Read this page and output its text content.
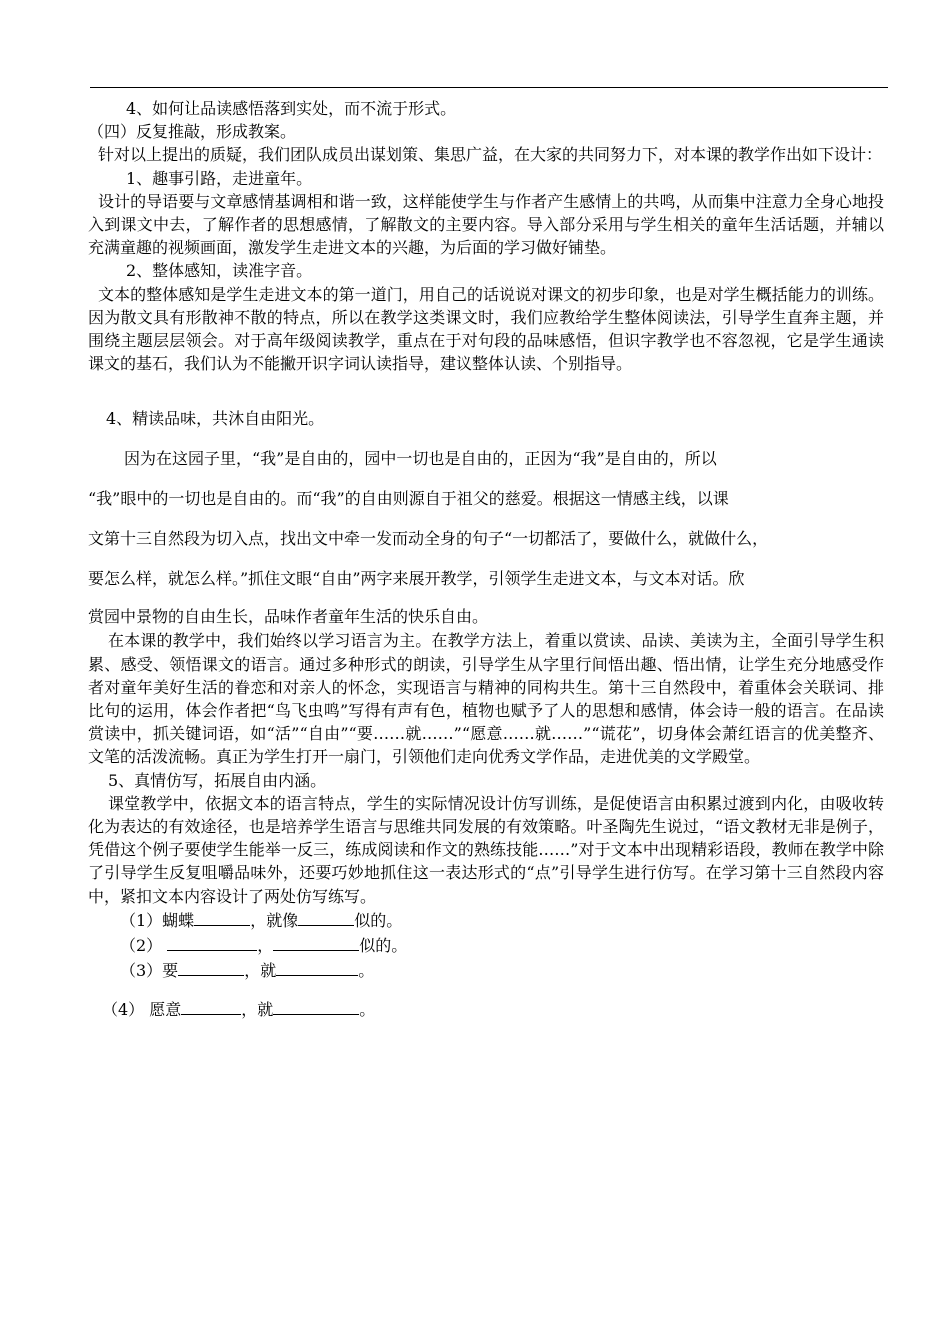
4、如何让品读感悟落到实处，而不流于形式。

（四）反复推敲，形成教案。

针对以上提出的质疑，我们团队成员出谋划策、集思广益，在大家的共同努力下，对本课的教学作出如下设计：

1、趣事引路，走进童年。

设计的导语要与文章感情基调相和谐一致，这样能使学生与作者产生感情上的共鸣，从而集中注意力全身心地投入到课文中去，了解作者的思想感情，了解散文的主要内容。导入部分采用与学生相关的童年生活话题，并辅以充满童趣的视频画面，激发学生走进文本的兴趣，为后面的学习做好铺垫。

2、整体感知，读准字音。

文本的整体感知是学生走进文本的第一道门，用自己的话说说对课文的初步印象，也是对学生概括能力的训练。因为散文具有形散神不散的特点，所以在教学这类课文时，我们应教给学生整体阅读法，引导学生直奔主题，并围绕主题层层领会。对于高年级阅读教学，重点在于对句段的品味感悟，但识字教学也不容忽视，它是学生通读课文的基石，我们认为不能撇开识字词认读指导，建议整体认读、个别指导。

4、精读品味，共沐自由阳光。

因为在这园子里，“我”是自由的，园中一切也是自由的，正因为“我”是自由的，所以

“我”眼中的一切也是自由的。而“我”的自由则源自于祖父的慈爱。根据这一情感主线，以课

文第十三自然段为切入点，找出文中牵一发而动全身的句子“一切都活了，要做什么，就做什么，

要怎么样，就怎么样。”抓住文眼“自由”两字来展开教学，引领学生走进文本，与文本对话。欣

赏园中景物的自由生长，品味作者童年生活的快乐自由。

在本课的教学中，我们始终以学习语言为主。在教学方法上，着重以赏读、品读、美读为主，全面引导学生积累、感受、领悟课文的语言。通过多种形式的朗读，引导学生从字里行间悟出趣、悟出情，让学生充分地感受作者对童年美好生活的眷恋和对亲人的怀念，实现语言与精神的同构共生。第十三自然段中，着重体会关联词、排比句的运用，体会作者把“鸟飞虫鸣”写得有声有色，植物也赋予了人的思想和感情，体会诗一般的语言。在品读赏读中，抓关键词语，如“活”“自由”“要……就……”“愿意……就……”“谎花”，切身体会萧红语言的优美整齐、文笔的活泼流畅。真正为学生打开一扇门，引领他们走向优秀文学作品，走进优美的文学殿堂。

5、真情仿写，拓展自由内涵。

课堂教学中，依据文本的语言特点，学生的实际情况设计仿写训练，是促使语言由积累过渡到内化，由吸收转化为表达的有效途径，也是培养学生语言与思维共同发展的有效策略。叶圣陶先生说过，“语文教材无非是例子，凭借这个例子要使学生能举一反三，练成阅读和作文的熟练技能……”对于文本中出现精彩语段，教师在教学中除了引导学生反复咀嚼品味外，还要巧妙地抓住这一表达形式的“点”引导学生进行仿写。在学习第十三自然段内容中，紧扣文本内容设计了两处仿写练写。

（1）蝴蝶	，就像	似的。

（2）	，	似的。

（3）要	，就	。

（4） 愿意	，就	。
